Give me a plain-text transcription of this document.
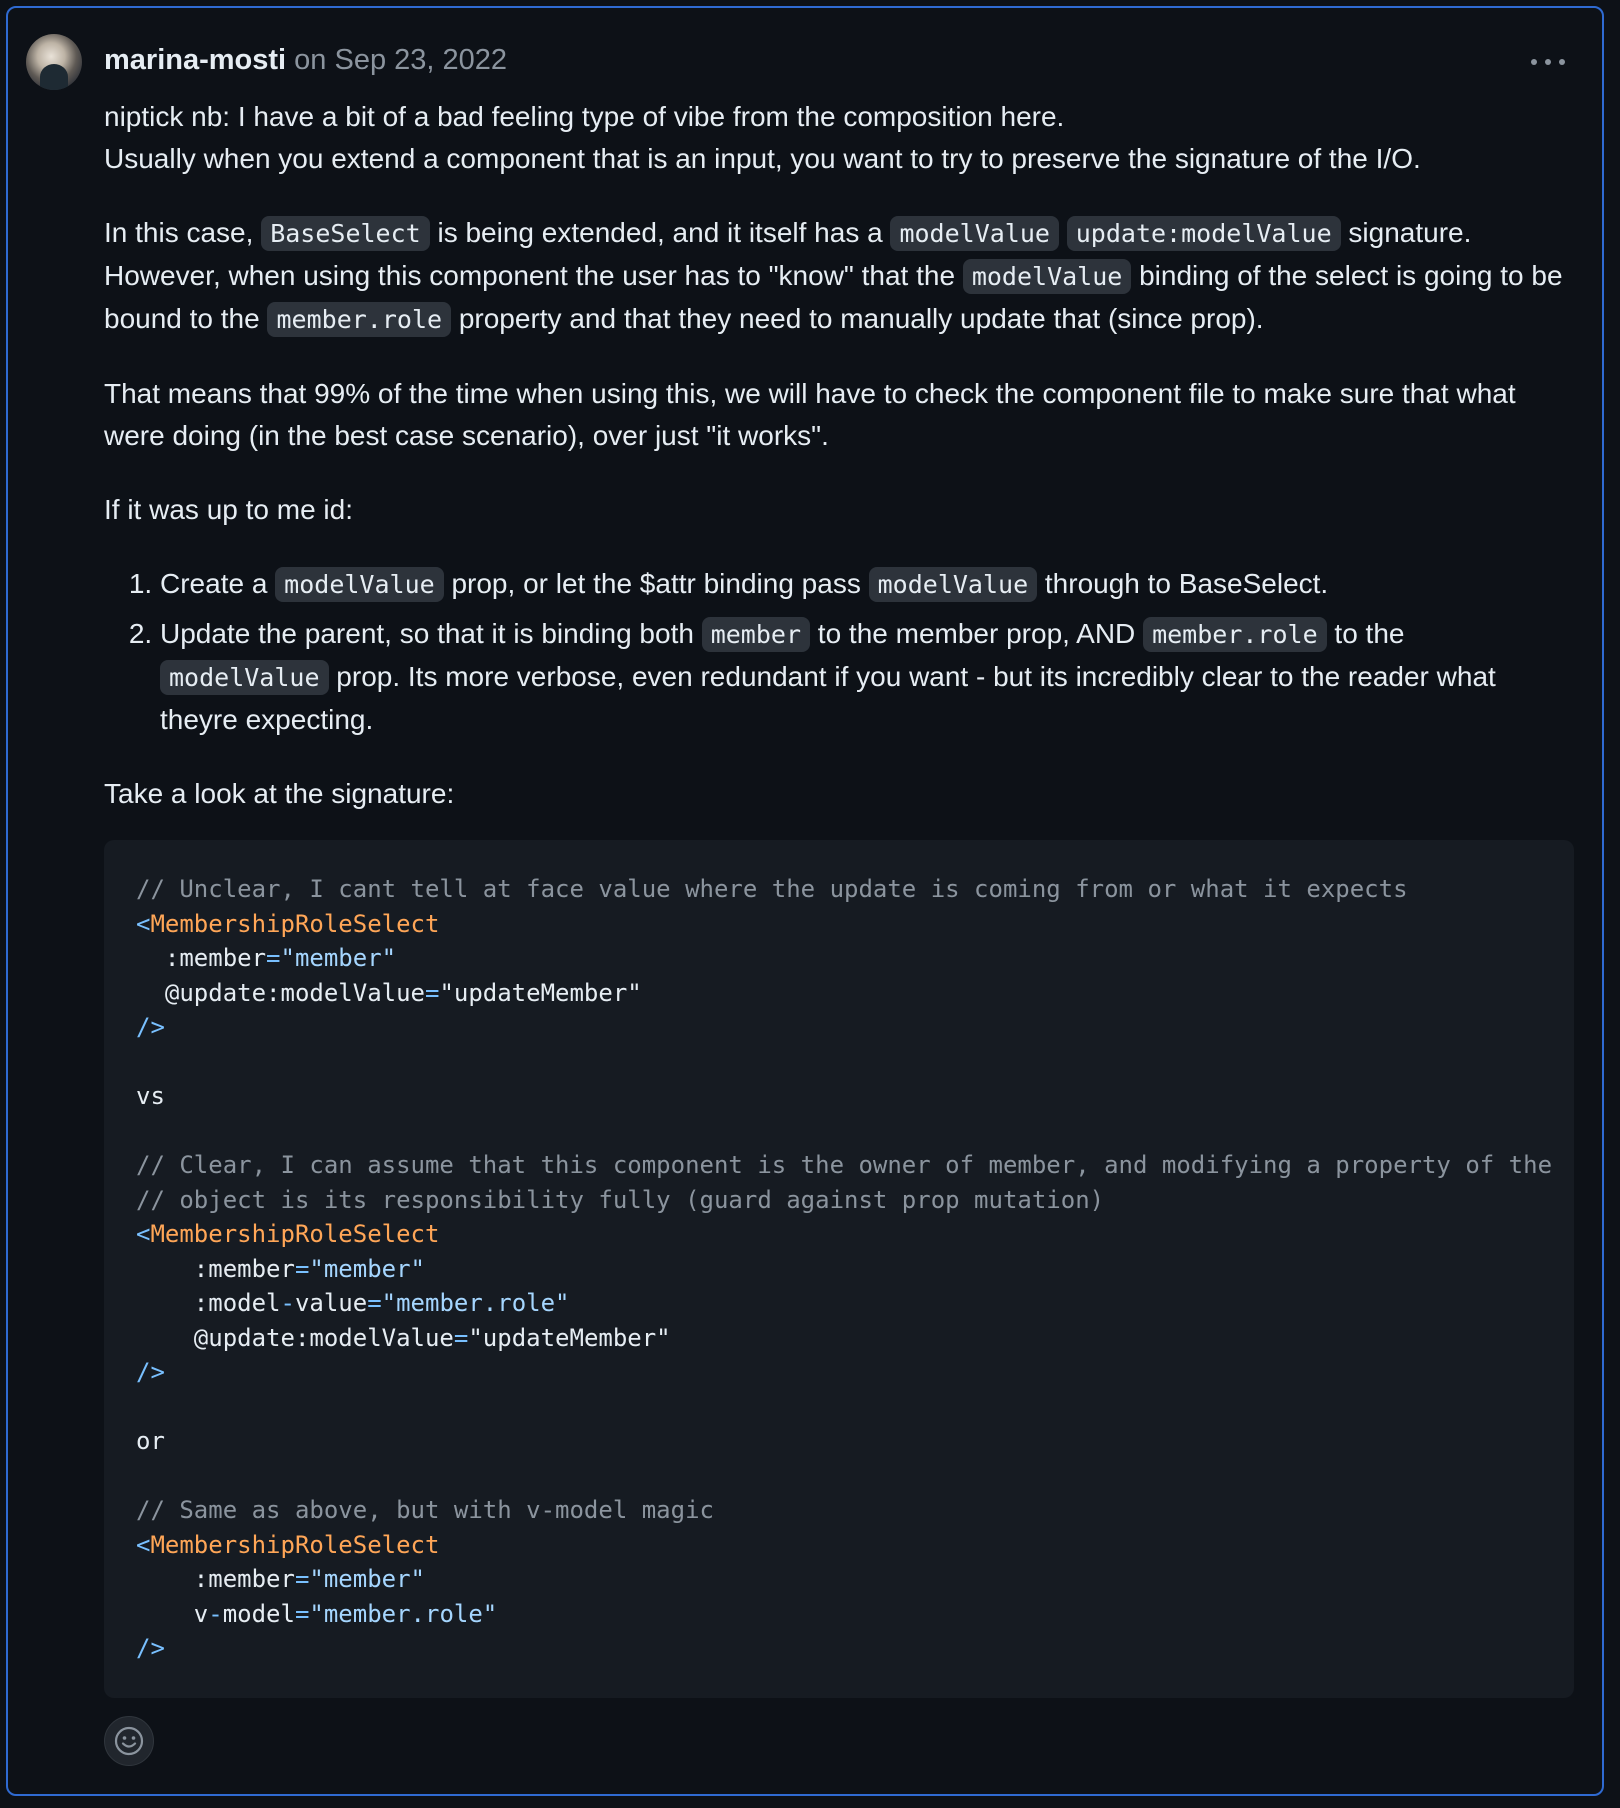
marina-mosti on Sep 23, 2022

niptick nb: I have a bit of a bad feeling type of vibe from the composition here.
Usually when you extend a component that is an input, you want to try to preserve the signature of the I/O.

In this case, BaseSelect is being extended, and it itself has a modelValue update:modelValue signature. However, when using this component the user has to "know" that the modelValue binding of the select is going to be bound to the member.role property and that they need to manually update that (since prop).

That means that 99% of the time when using this, we will have to check the component file to make sure that what were doing (in the best case scenario), over just "it works".

If it was up to me id:

1. Create a modelValue prop, or let the $attr binding pass modelValue through to BaseSelect.
2. Update the parent, so that it is binding both member to the member prop, AND member.role to the modelValue prop. Its more verbose, even redundant if you want - but its incredibly clear to the reader what theyre expecting.

Take a look at the signature:

// Unclear, I cant tell at face value where the update is coming from or what it expects
<MembershipRoleSelect
:member="member"
@update:modelValue="updateMember"
/>

vs

// Clear, I can assume that this component is the owner of member, and modifying a property of the
// object is its responsibility fully (guard against prop mutation)
<MembershipRoleSelect
:member="member"
:model-value="member.role"
@update:modelValue="updateMember"
/>

or

// Same as above, but with v-model magic
<MembershipRoleSelect
:member="member"
v-model="member.role"
/>
